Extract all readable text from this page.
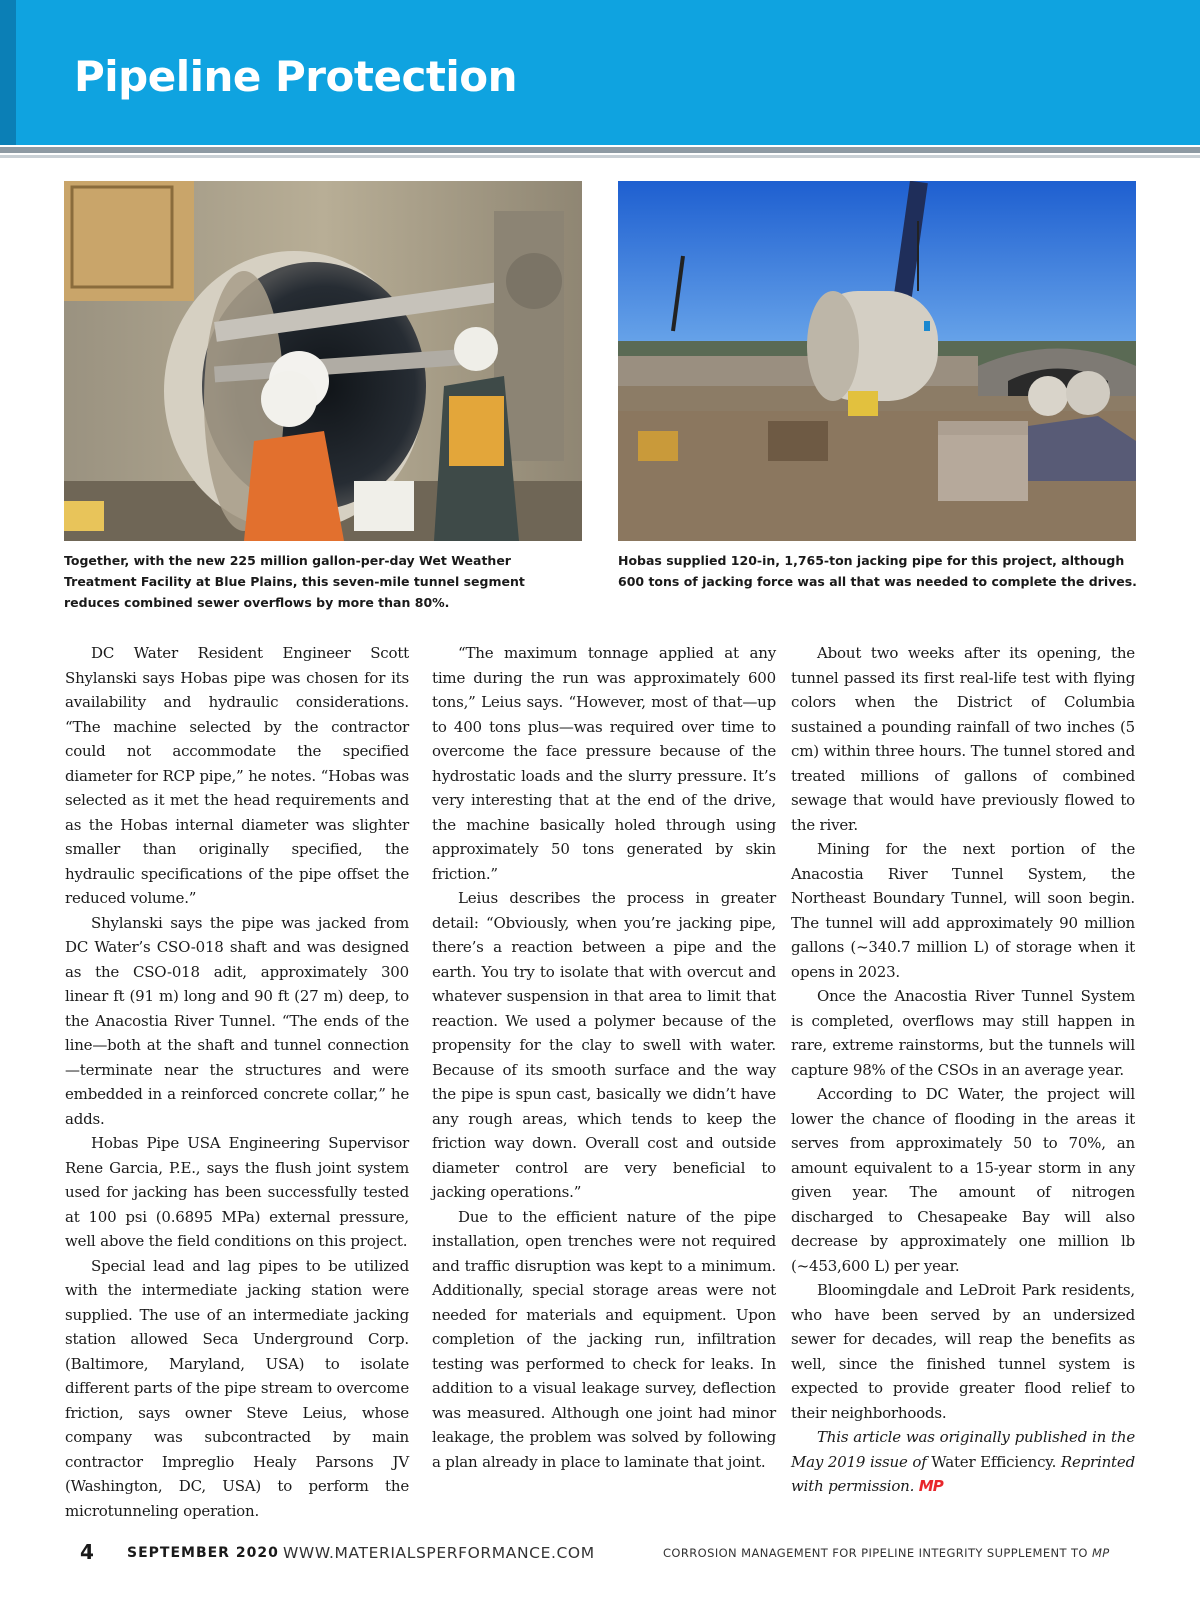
Pipeline Protection
Together, with the new 225 million gallon-per-day Wet Weather Treatment Facility at Blue Plains, this seven-mile tunnel segment reduces combined sewer overflows by more than 80%.
Hobas supplied 120-in, 1,765-ton jacking pipe for this project, although 600 tons of jacking force was all that was needed to complete the drives.

DC Water Resident Engineer Scott Shylanski says Hobas pipe was chosen for its availability and hydraulic considerations. “The machine selected by the contractor could not accommodate the specified diameter for RCP pipe,” he notes. “Hobas was selected as it met the head requirements and as the Hobas internal diameter was slighter smaller than originally specified, the hydraulic specifications of the pipe offset the reduced volume.”

Shylanski says the pipe was jacked from DC Water’s CSO-018 shaft and was designed as the CSO-018 adit, approximately 300 linear ft (91 m) long and 90 ft (27 m) deep, to the Anacostia River Tunnel. “The ends of the line—both at the shaft and tunnel connection—terminate near the structures and were embedded in a reinforced concrete collar,” he adds.

Hobas Pipe USA Engineering Supervisor Rene Garcia, P.E., says the flush joint system used for jacking has been successfully tested at 100 psi (0.6895 MPa) external pressure, well above the field conditions on this project.

Special lead and lag pipes to be utilized with the intermediate jacking station were supplied. The use of an intermediate jacking station allowed Seca Underground Corp. (Baltimore, Maryland, USA) to isolate different parts of the pipe stream to overcome friction, says owner Steve Leius, whose company was subcontracted by main contractor Impreglio Healy Parsons JV (Washington, DC, USA) to perform the microtunneling operation.

“The maximum tonnage applied at any time during the run was approximately 600 tons,” Leius says. “However, most of that—up to 400 tons plus—was required over time to overcome the face pressure because of the hydrostatic loads and the slurry pressure. It’s very interesting that at the end of the drive, the machine basically holed through using approximately 50 tons generated by skin friction.”

Leius describes the process in greater detail: “Obviously, when you’re jacking pipe, there’s a reaction between a pipe and the earth. You try to isolate that with overcut and whatever suspension in that area to limit that reaction. We used a polymer because of the propensity for the clay to swell with water. Because of its smooth surface and the way the pipe is spun cast, basically we didn’t have any rough areas, which tends to keep the friction way down. Overall cost and outside diameter control are very beneficial to jacking operations.”

Due to the efficient nature of the pipe installation, open trenches were not required and traffic disruption was kept to a minimum. Additionally, special storage areas were not needed for materials and equipment. Upon completion of the jacking run, infiltration testing was performed to check for leaks. In addition to a visual leakage survey, deflection was measured. Although one joint had minor leakage, the problem was solved by following a plan already in place to laminate that joint.

About two weeks after its opening, the tunnel passed its first real-life test with flying colors when the District of Columbia sustained a pounding rainfall of two inches (5 cm) within three hours. The tunnel stored and treated millions of gallons of combined sewage that would have previously flowed to the river.

Mining for the next portion of the Anacostia River Tunnel System, the Northeast Boundary Tunnel, will soon begin. The tunnel will add approximately 90 million gallons (~340.7 million L) of storage when it opens in 2023.

Once the Anacostia River Tunnel System is completed, overflows may still happen in rare, extreme rainstorms, but the tunnels will capture 98% of the CSOs in an average year.

According to DC Water, the project will lower the chance of flooding in the areas it serves from approximately 50 to 70%, an amount equivalent to a 15-year storm in any given year. The amount of nitrogen discharged to Chesapeake Bay will also decrease by approximately one million lb (~453,600 L) per year.

Bloomingdale and LeDroit Park residents, who have been served by an undersized sewer for decades, will reap the benefits as well, since the finished tunnel system is expected to provide greater flood relief to their neighborhoods.

This article was originally published in the May 2019 issue of Water Efficiency. Reprinted with permission. MP

4 SEPTEMBER 2020 WWW.MATERIALSPERFORMANCE.COM	CORROSION MANAGEMENT FOR PIPELINE INTEGRITY SUPPLEMENT TO MP
